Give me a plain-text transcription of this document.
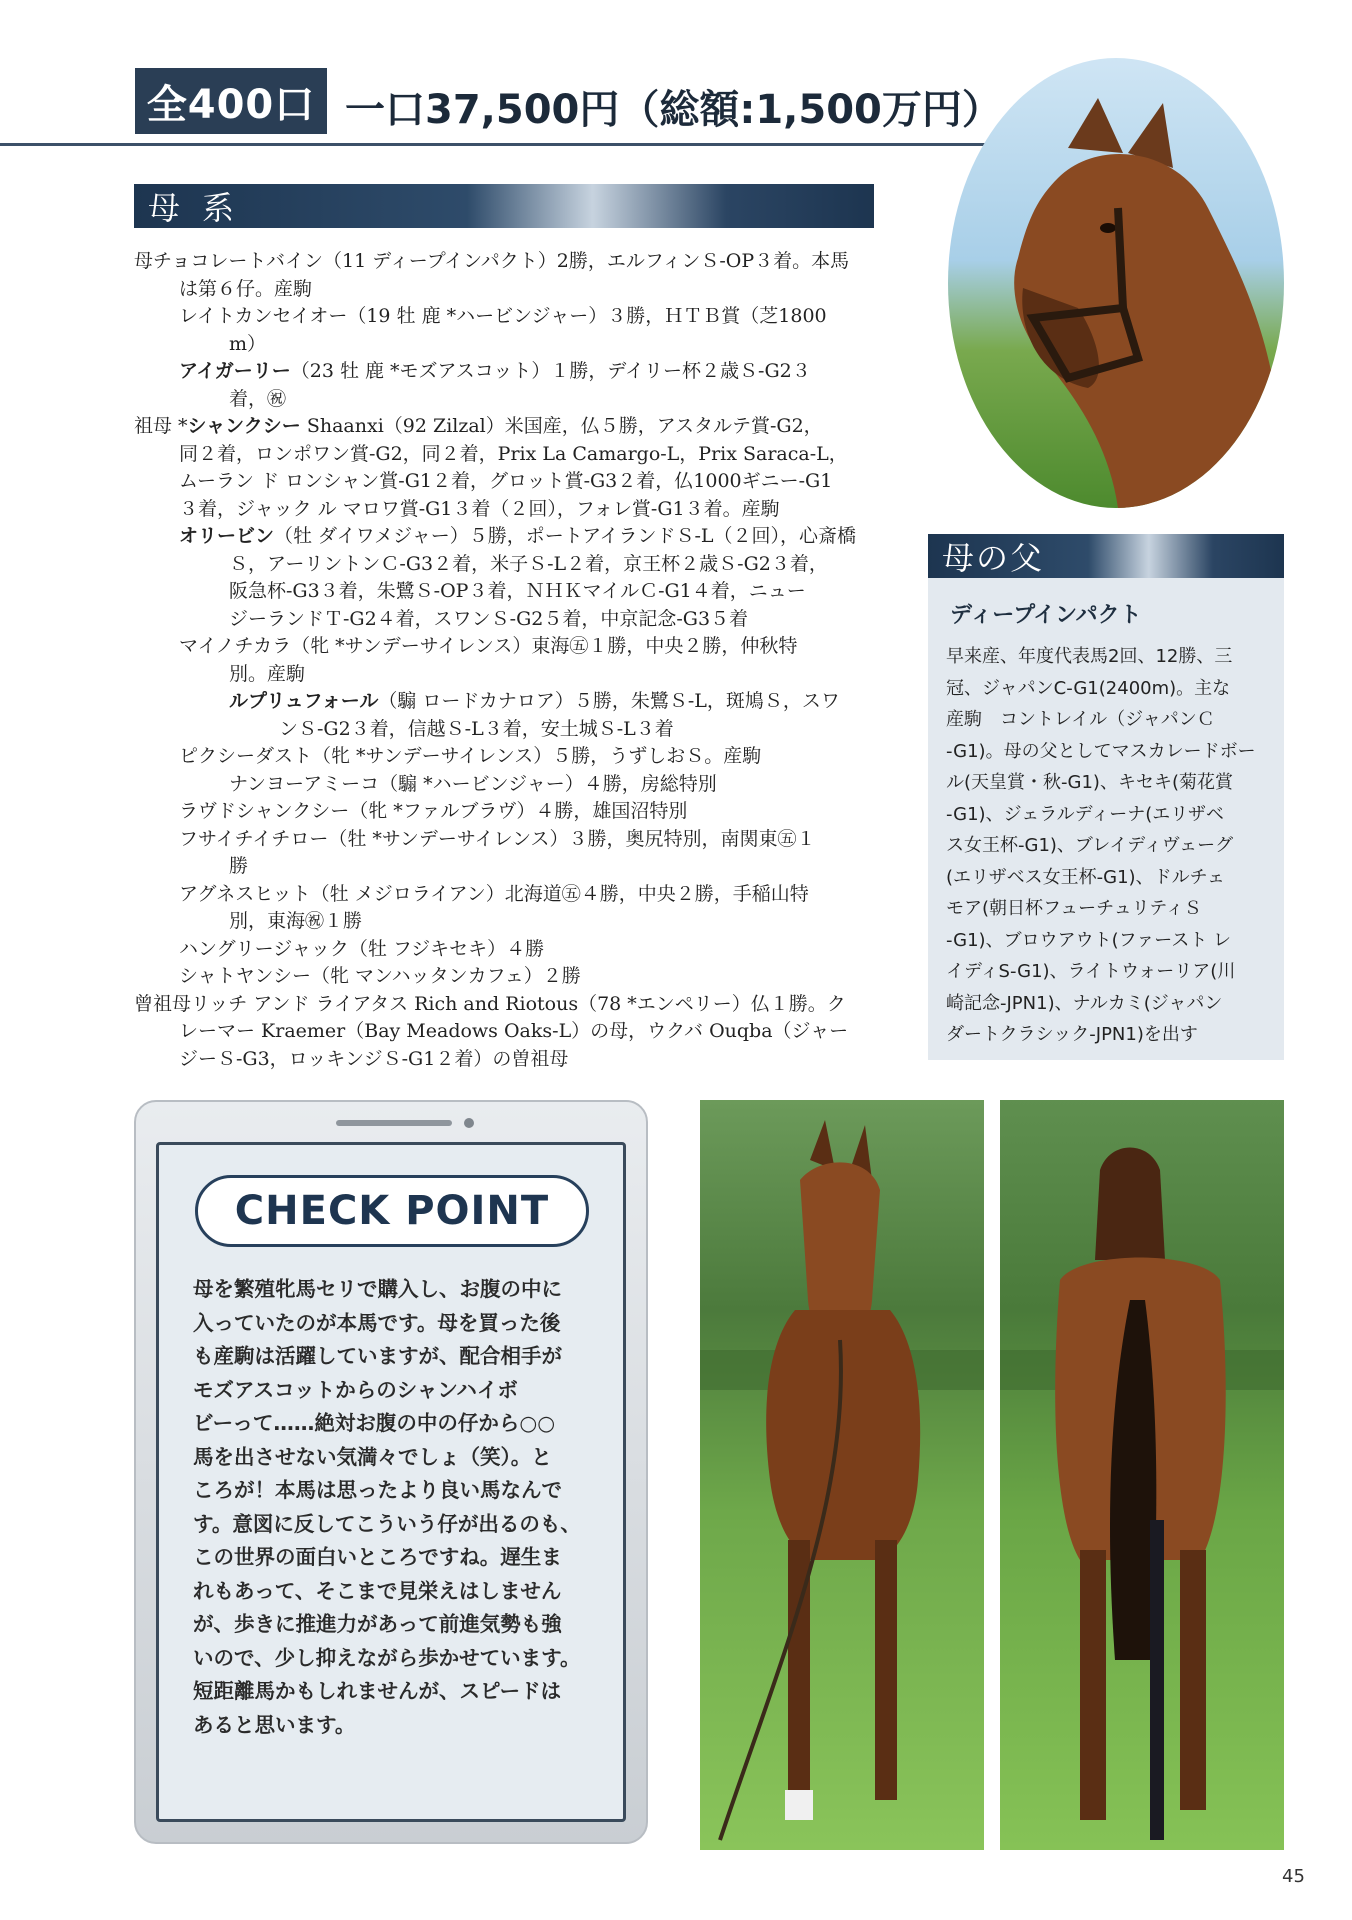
全400口 一口37,500円（総額:1,500万円）
母系
母チョコレートバイン（11 ディープインパクト）2勝，エルフィンＳ-OP３着。本馬
は第６仔。産駒
レイトカンセイオー（19 牡 鹿 *ハービンジャー）３勝，ＨＴＢ賞（芝1800
m）
アイガーリー（23 牡 鹿 *モズアスコット）１勝，デイリー杯２歳Ｓ-G2３
着，㊗
祖母 *シャンクシー Shaanxi（92 Zilzal）米国産，仏５勝，アスタルテ賞-G2，
同２着，ロンポワン賞-G2，同２着，Prix La Camargo-L，Prix Saraca-L，
ムーラン ド ロンシャン賞-G1２着，グロット賞-G3２着，仏1000ギニー-G1
３着，ジャック ル マロワ賞-G1３着（２回），フォレ賞-G1３着。産駒
オリービン（牡 ダイワメジャー）５勝，ポートアイランドＳ-L（２回），心斎橋
Ｓ，アーリントンＣ-G3２着，米子Ｓ-L２着，京王杯２歳Ｓ-G2３着，
阪急杯-G3３着，朱鷺Ｓ-OP３着，ＮＨＫマイルＣ-G1４着，ニュー
ジーランドＴ-G2４着，スワンＳ-G2５着，中京記念-G3５着
マイノチカラ（牝 *サンデーサイレンス）東海㊄１勝，中央２勝，仲秋特
別。産駒
ルプリュフォール（騸 ロードカナロア）５勝，朱鷺Ｓ-L，斑鳩Ｓ，スワ
ンＳ-G2３着，信越Ｓ-L３着，安土城Ｓ-L３着
ピクシーダスト（牝 *サンデーサイレンス）５勝，うずしおＳ。産駒
ナンヨーアミーコ（騸 *ハービンジャー）４勝，房総特別
ラヴドシャンクシー（牝 *ファルブラヴ）４勝，雄国沼特別
フサイチイチロー（牡 *サンデーサイレンス）３勝，奥尻特別，南関東㊄１
勝
アグネスヒット（牡 メジロライアン）北海道㊄４勝，中央２勝，手稲山特
別，東海㊗１勝
ハングリージャック（牡 フジキセキ）４勝
シャトヤンシー（牝 マンハッタンカフェ）２勝
曾祖母リッチ アンド ライアタス Rich and Riotous（78 *エンペリー）仏１勝。ク
レーマー Kraemer（Bay Meadows Oaks-L）の母，ウクバ Ouqba（ジャー
ジーＳ-G3，ロッキンジＳ-G1２着）の曽祖母
母の父
ディープインパクト
早来産、年度代表馬2回、12勝、三
冠、ジャパンC-G1(2400m)。主な
産駒　コントレイル（ジャパンＣ
-G1)。母の父としてマスカレードボー
ル(天皇賞・秋-G1)、キセキ(菊花賞
-G1)、ジェラルディーナ(エリザベ
ス女王杯-G1)、ブレイディヴェーグ
(エリザベス女王杯-G1)、ドルチェ
モア(朝日杯フューチュリティＳ
-G1)、ブロウアウト(ファースト レ
イディS-G1)、ライトウォーリア(川
崎記念-JPN1)、ナルカミ(ジャパン
ダートクラシック-JPN1)を出す
CHECK POINT
母を繁殖牝馬セリで購入し、お腹の中に
入っていたのが本馬です。母を買った後
も産駒は活躍していますが、配合相手が
モズアスコットからのシャンハイボ
ビーって……絶対お腹の中の仔から○○
馬を出させない気満々でしょ（笑）。と
ころが！本馬は思ったより良い馬なんで
す。意図に反してこういう仔が出るのも、
この世界の面白いところですね。遅生ま
れもあって、そこまで見栄えはしません
が、歩きに推進力があって前進気勢も強
いので、少し抑えながら歩かせています。
短距離馬かもしれませんが、スピードは
あると思います。
45
